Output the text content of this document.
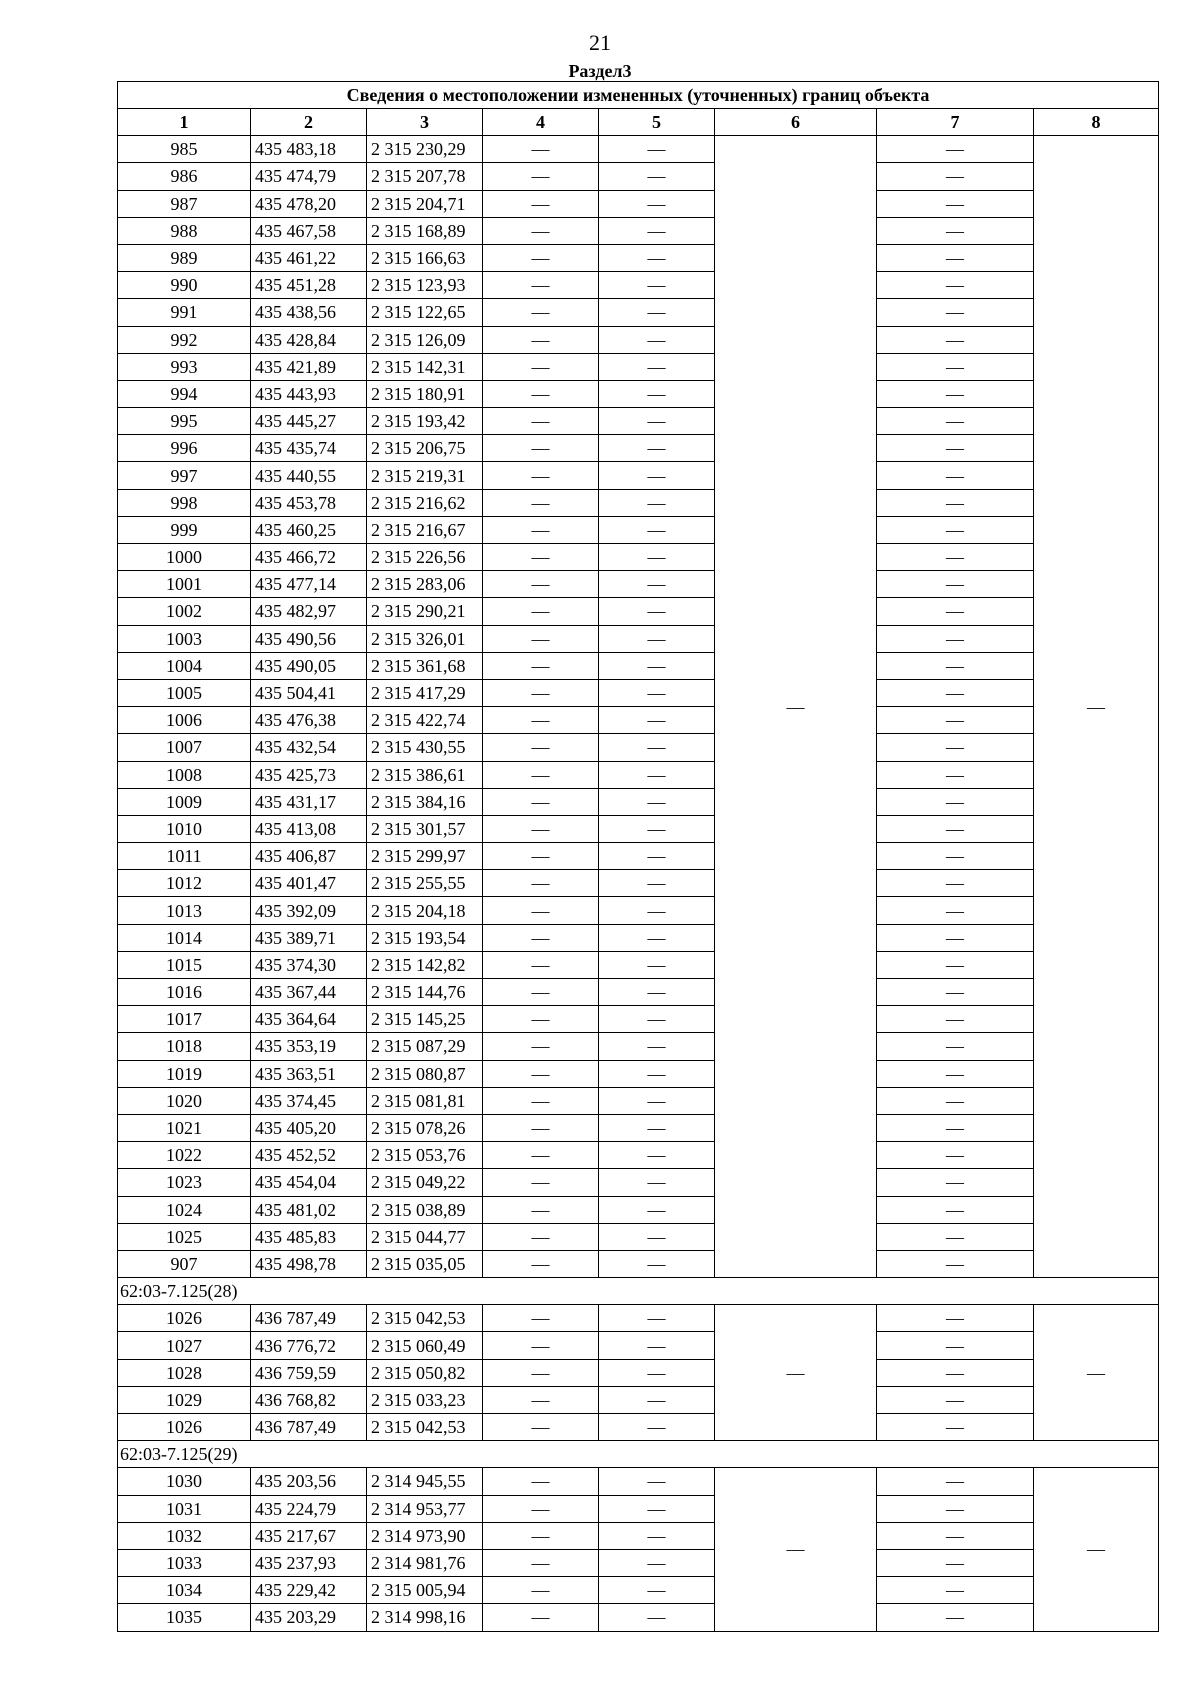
21
Раздел3
Сведения о местоположении измененных (уточненных) границ объекта							
1	2	3	4	5	6	7	8
985	435 483,18	2 315 230,29	—	—	—	—	—
986	435 474,79	2 315 207,78	—	—		—	
987	435 478,20	2 315 204,71	—	—		—	
988	435 467,58	2 315 168,89	—	—		—	
989	435 461,22	2 315 166,63	—	—		—	
990	435 451,28	2 315 123,93	—	—		—	
991	435 438,56	2 315 122,65	—	—		—	
992	435 428,84	2 315 126,09	—	—		—	
993	435 421,89	2 315 142,31	—	—		—	
994	435 443,93	2 315 180,91	—	—		—	
995	435 445,27	2 315 193,42	—	—		—	
996	435 435,74	2 315 206,75	—	—		—	
997	435 440,55	2 315 219,31	—	—		—	
998	435 453,78	2 315 216,62	—	—		—	
999	435 460,25	2 315 216,67	—	—		—	
1000	435 466,72	2 315 226,56	—	—		—	
1001	435 477,14	2 315 283,06	—	—		—	
1002	435 482,97	2 315 290,21	—	—		—	
1003	435 490,56	2 315 326,01	—	—		—	
1004	435 490,05	2 315 361,68	—	—		—	
1005	435 504,41	2 315 417,29	—	—		—	
1006	435 476,38	2 315 422,74	—	—		—	
1007	435 432,54	2 315 430,55	—	—		—	
1008	435 425,73	2 315 386,61	—	—		—	
1009	435 431,17	2 315 384,16	—	—		—	
1010	435 413,08	2 315 301,57	—	—		—	
1011	435 406,87	2 315 299,97	—	—		—	
1012	435 401,47	2 315 255,55	—	—		—	
1013	435 392,09	2 315 204,18	—	—		—	
1014	435 389,71	2 315 193,54	—	—		—	
1015	435 374,30	2 315 142,82	—	—		—	
1016	435 367,44	2 315 144,76	—	—		—	
1017	435 364,64	2 315 145,25	—	—		—	
1018	435 353,19	2 315 087,29	—	—		—	
1019	435 363,51	2 315 080,87	—	—		—	
1020	435 374,45	2 315 081,81	—	—		—	
1021	435 405,20	2 315 078,26	—	—		—	
1022	435 452,52	2 315 053,76	—	—		—	
1023	435 454,04	2 315 049,22	—	—		—	
1024	435 481,02	2 315 038,89	—	—		—	
1025	435 485,83	2 315 044,77	—	—		—	
907	435 498,78	2 315 035,05	—	—		—	
62:03-7.125(28)							
1026	436 787,49	2 315 042,53	—	—	—	—	—
1027	436 776,72	2 315 060,49	—	—		—	
1028	436 759,59	2 315 050,82	—	—		—	
1029	436 768,82	2 315 033,23	—	—		—	
1026	436 787,49	2 315 042,53	—	—		—	
62:03-7.125(29)							
1030	435 203,56	2 314 945,55	—	—	—	—	—
1031	435 224,79	2 314 953,77	—	—		—	
1032	435 217,67	2 314 973,90	—	—		—	
1033	435 237,93	2 314 981,76	—	—		—	
1034	435 229,42	2 315 005,94	—	—		—	
1035	435 203,29	2 314 998,16	—	—		—	
